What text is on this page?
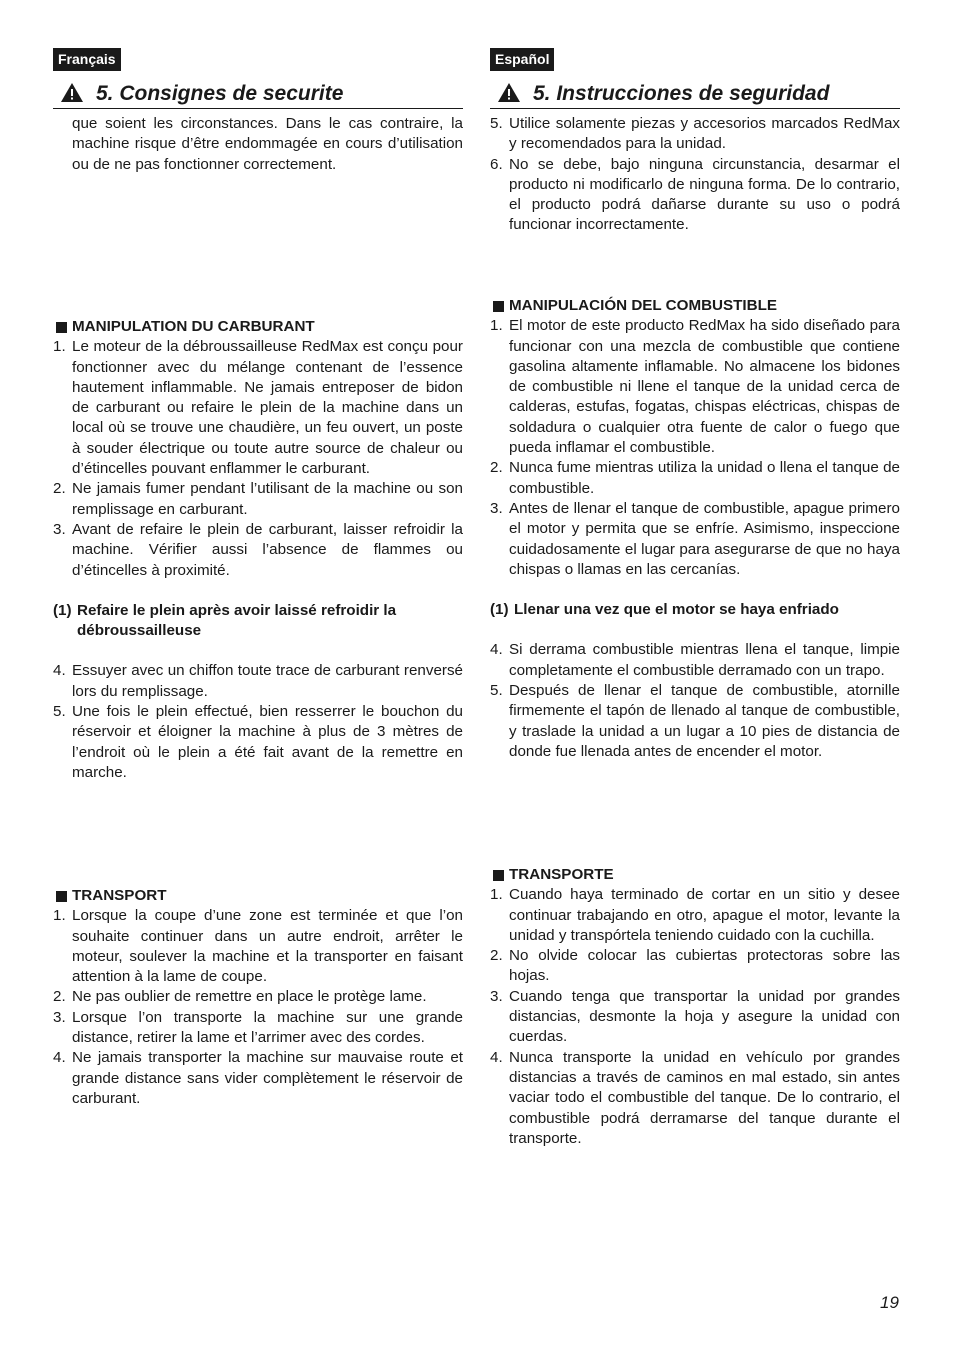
Français
5. Consignes de securite

que soient les circonstances. Dans le cas contraire, la machine risque d’être endommagée en cours d’utilisation ou de ne pas fonctionner correctement.

MANIPULATION DU CARBURANT

1. Le moteur de la débroussailleuse RedMax est conçu pour fonctionner avec du mélange contenant de l’essence hautement inflammable. Ne jamais entreposer de bidon de carburant ou refaire le plein de la machine dans un local où se trouve une chaudière, un feu ouvert, un poste à souder électrique ou toute autre source de chaleur ou d’étincelles pouvant enflammer le carburant.
2. Ne jamais fumer pendant l’utilisant de la machine ou son remplissage en carburant.
3. Avant de refaire le plein de carburant, laisser refroidir la machine. Vérifier aussi l’absence de flammes ou d’étincelles à proximité.

(1) Refaire le plein après avoir laissé refroidir la débroussailleuse

4. Essuyer avec un chiffon toute trace de carburant renversé lors du remplissage.
5. Une fois le plein effectué, bien resserrer le bouchon du réservoir et éloigner la machine à plus de 3 mètres de l’endroit où le plein a été fait avant de la remettre en marche.

TRANSPORT

1. Lorsque la coupe d’une zone est terminée et que l’on souhaite continuer dans un autre endroit, arrêter le moteur, soulever la machine et la transporter en faisant attention à la lame de coupe.
2. Ne pas oublier de remettre en place le protège lame.
3. Lorsque l’on transporte la machine sur une grande distance, retirer la lame et l’arrimer avec des cordes.
4. Ne jamais transporter la machine sur mauvaise route et grande distance sans vider complètement le réservoir de carburant.
Español
5. Instrucciones de seguridad
5. Utilice solamente piezas y accesorios marcados RedMax y recomendados para la unidad.
6. No se debe, bajo ninguna circunstancia, desarmar el producto ni modificarlo de ninguna forma. De lo contrario, el producto podrá dañarse durante su uso o podrá funcionar incorrectamente.

MANIPULACIÓN DEL COMBUSTIBLE

1. El motor de este producto RedMax ha sido diseñado para funcionar con una mezcla de combustible que contiene gasolina altamente inflamable. No almacene los bidones de combustible ni llene el tanque de la unidad cerca de calderas, estufas, fogatas, chispas eléctricas, chispas de soldadura o cualquier otra fuente de calor o fuego que pueda inflamar el combustible.
2. Nunca fume mientras utiliza la unidad o llena el tanque de combustible.
3. Antes de llenar el tanque de combustible, apague primero el motor y permita que se enfríe. Asimismo, inspeccione cuidadosamente el lugar para asegurarse de que no haya chispas o llamas en las cercanías.

(1) Llenar una vez que el motor se haya enfriado

4. Si derrama combustible mientras llena el tanque, limpie completamente el combustible derramado con un trapo.
5. Después de llenar el tanque de combustible, atornille firmemente el tapón de llenado al tanque de combustible, y traslade la unidad a un lugar a 10 pies de distancia de donde fue llenada antes de encender el motor.

TRANSPORTE

1. Cuando haya terminado de cortar en un sitio y desee continuar trabajando en otro, apague el motor, levante la unidad y transpórtela teniendo cuidado con la cuchilla.
2. No olvide colocar las cubiertas protectoras sobre las hojas.
3. Cuando tenga que transportar la unidad por grandes distancias, desmonte la hoja y asegure la unidad con cuerdas.
4. Nunca transporte la unidad en vehículo por grandes distancias a través de caminos en mal estado, sin antes vaciar todo el combustible del tanque. De lo contrario, el combustible podrá derramarse del tanque durante el transporte.
19
